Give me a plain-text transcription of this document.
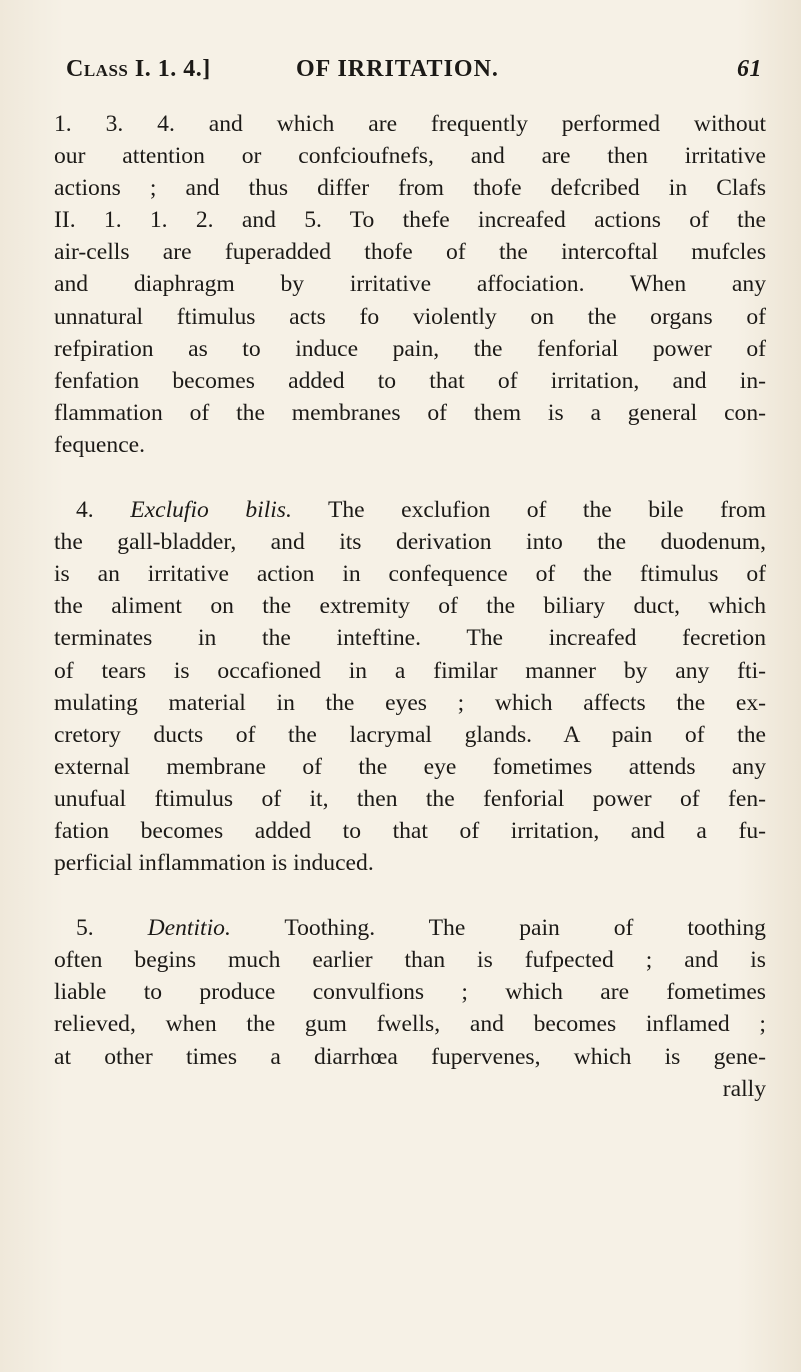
Class I. 1. 4.]	OF IRRITATION.	61
1. 3. 4. and which are frequently performed without
our attention or confcioufnefs, and are then irritative
actions ; and thus differ from thofe defcribed in Clafs
II. 1. 1. 2. and 5. To thefe increafed actions of the
air-cells are fuperadded thofe of the intercoftal mufcles
and diaphragm by irritative affociation. When any
unnatural ftimulus acts fo violently on the organs of
refpiration as to induce pain, the fenforial power of
fenfation becomes added to that of irritation, and in-
flammation of the membranes of them is a general con-
fequence.
4. Exclufio bilis. The exclufion of the bile from
the gall-bladder, and its derivation into the duodenum,
is an irritative action in confequence of the ftimulus of
the aliment on the extremity of the biliary duct, which
terminates in the inteftine. The increafed fecretion
of tears is occafioned in a fimilar manner by any fti-
mulating material in the eyes ; which affects the ex-
cretory ducts of the lacrymal glands. A pain of the
external membrane of the eye fometimes attends any
unufual ftimulus of it, then the fenforial power of fen-
fation becomes added to that of irritation, and a fu-
perficial inflammation is induced.
5. Dentitio. Toothing. The pain of toothing
often begins much earlier than is fufpected ; and is
liable to produce convulfions ; which are fometimes
relieved, when the gum fwells, and becomes inflamed ;
at other times a diarrhœa fupervenes, which is gene-
rally
